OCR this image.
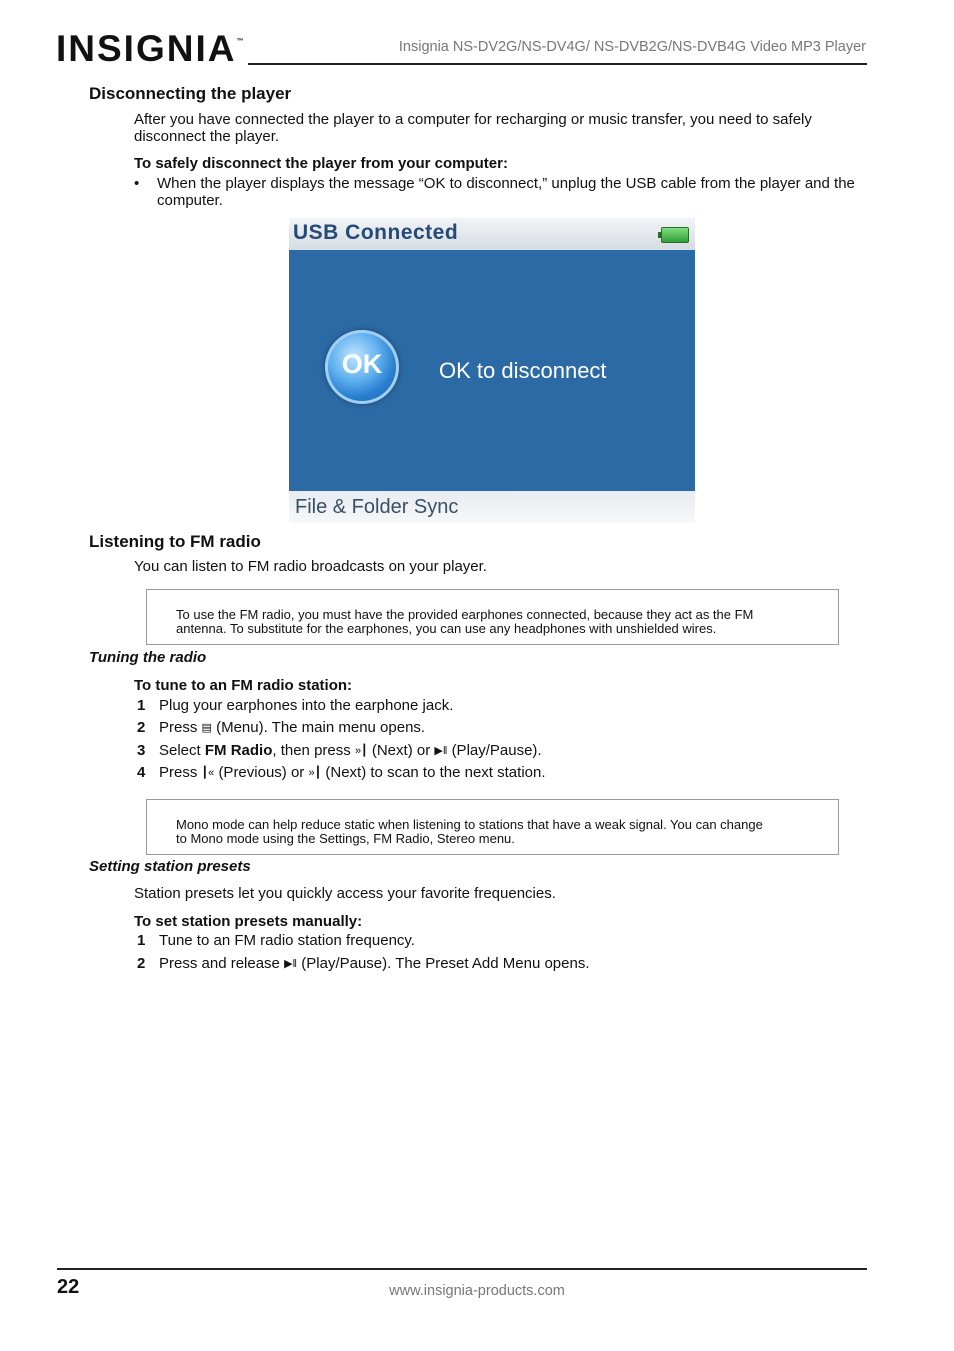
INSIGNIA™	Insignia NS-DV2G/NS-DV4G/ NS-DVB2G/NS-DVB4G Video MP3 Player
Disconnecting the player
After you have connected the player to a computer for recharging or music transfer, you need to safely
disconnect the player.
To safely disconnect the player from your computer:
• When the player displays the message “OK to disconnect,” unplug the USB cable from the player and the
computer.
USB Connected
OK	OK to disconnect
File & Folder Sync
Listening to FM radio
You can listen to FM radio broadcasts on your player.
To use the FM radio, you must have the provided earphones connected, because they act as the FM
antenna. To substitute for the earphones, you can use any headphones with unshielded wires.
Tuning the radio
To tune to an FM radio station:
1 Plug your earphones into the earphone jack.
2 Press ▤ (Menu). The main menu opens.
3 Select FM Radio, then press »┃ (Next) or ▶‖ (Play/Pause).
4 Press ┃« (Previous) or »┃ (Next) to scan to the next station.
Mono mode can help reduce static when listening to stations that have a weak signal. You can change
to Mono mode using the Settings, FM Radio, Stereo menu.
Setting station presets
Station presets let you quickly access your favorite frequencies.
To set station presets manually:
1 Tune to an FM radio station frequency.
2 Press and release ▶‖ (Play/Pause). The Preset Add Menu opens.
22	www.insignia-products.com
